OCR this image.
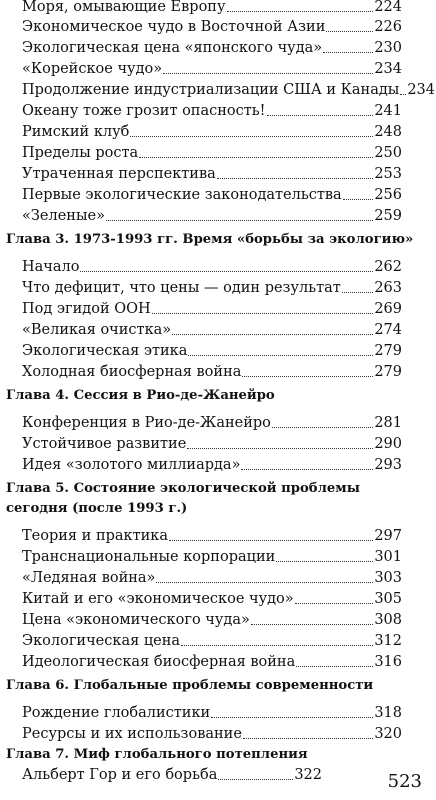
Моря, омывающие Европу	224
Экономическое чудо в Восточной Азии	226
Экологическая цена «японского чуда»	230
«Корейское чудо»	234
Продолжение индустриализации США и Канады 234
Океану тоже грозит опасность!	241
Римский клуб	248
Пределы роста	250
Утраченная перспектива	253
Первые экологические законодательства 256
«Зеленые»	259
Глава 3. 1973-1993 гг. Время «борьбы за экологию»
Начало	262
Что дефицит, что цены — один результат 263
Под эгидой ООН	269
«Великая очистка»	274
Экологическая этика	279
Холодная биосферная война	279
Глава 4. Сессия в Рио-де-Жанейро
Конференция в Рио-де-Жанейро	281
Устойчивое развитие	290
Идея «золотого миллиарда»	293
Глава 5. Состояние экологической проблемы
сегодня (после 1993 г.)
Теория и практика	297
Транснациональные корпорации	301
«Ледяная война»	303
Китай и его «экономическое чудо»	305
Цена «экономического чуда»	308
Экологическая цена	312
Идеологическая биосферная война	316
Глава 6. Глобальные проблемы современности
Рождение глобалистики	318
Ресурсы и их использование	320
Глава 7. Миф глобального потепления
Альберт Гор и его борьба	322	523
